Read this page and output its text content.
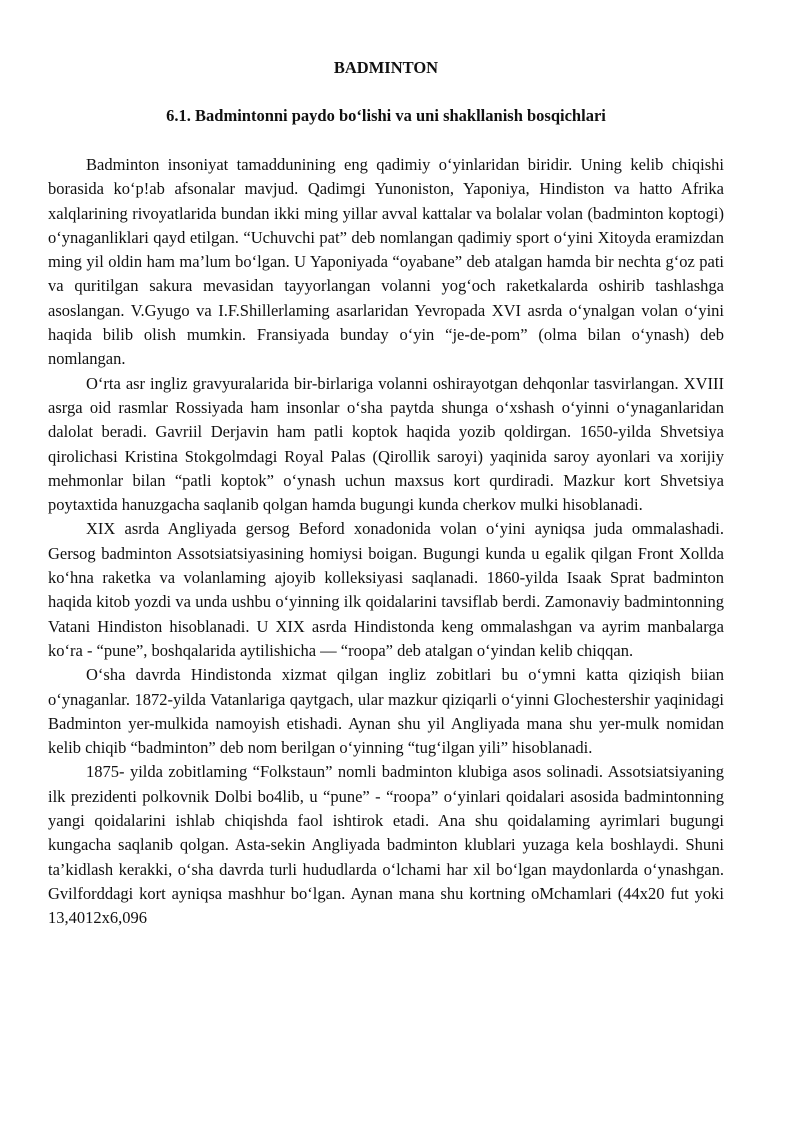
BADMINTON
6.1. Badmintonni paydo bo‘lishi va uni shakllanish bosqichlari

Badminton insoniyat tamaddunining eng qadimiy o‘yinlaridan biridir. Uning kelib chiqishi borasida ko‘p!ab afsonalar mavjud. Qadimgi Yunoniston, Yaponiya, Hindiston va hatto Afrika xalqlarining rivoyatlarida bundan ikki ming yillar avval kattalar va bolalar volan (badminton koptogi) o‘ynaganliklari qayd etilgan. “Uchuvchi pat” deb nomlangan qadimiy sport o‘yini Xitoyda eramizdan ming yil oldin ham ma’lum bo‘lgan. U Yaponiyada “oyabane” deb atalgan hamda bir nechta g‘oz pati va quritilgan sakura mevasidan tayyorlangan volanni yog‘och raketkalarda oshirib tashlashga asoslangan. V.Gyugo va I.F.Shillerlaming asarlaridan Yevropada XVI asrda o‘ynalgan volan o‘yini haqida bilib olish mumkin. Fransiyada bunday o‘yin “je-de-pom” (olma bilan o‘ynash) deb nomlangan.

O‘rta asr ingliz gravyuralarida bir-birlariga volanni oshirayotgan dehqonlar tasvirlangan. XVIII asrga oid rasmlar Rossiyada ham insonlar o‘sha paytda shunga o‘xshash o‘yinni o‘ynaganlaridan dalolat beradi. Gavriil Derjavin ham patli koptok haqida yozib qoldirgan. 1650-yilda Shvetsiya qirolichasi Kristina Stokgolmdagi Royal Palas (Qirollik saroyi) yaqinida saroy ayonlari va xorijiy mehmonlar bilan “patli koptok” o‘ynash uchun maxsus kort qurdiradi. Mazkur kort Shvetsiya poytaxtida hanuzgacha saqlanib qolgan hamda bugungi kunda cherkov mulki hisoblanadi.

XIX asrda Angliyada gersog Beford xonadonida volan o‘yini ayniqsa juda ommalashadi. Gersog badminton Assotsiatsiyasining homiysi boigan. Bugungi kunda u egalik qilgan Front Xollda ko‘hna raketka va volanlaming ajoyib kolleksiyasi saqlanadi. 1860-yilda Isaak Sprat badminton haqida kitob yozdi va unda ushbu o‘yinning ilk qoidalarini tavsiflab berdi. Zamonaviy badmintonning Vatani Hindiston hisoblanadi. U XIX asrda Hindistonda keng ommalashgan va ayrim manbalarga ko‘ra - “pune”, boshqalarida aytilishicha — “roopa” deb atalgan o‘yindan kelib chiqqan.

O‘sha davrda Hindistonda xizmat qilgan ingliz zobitlari bu o‘ymni katta qiziqish biian o‘ynaganlar. 1872-yilda Vatanlariga qaytgach, ular mazkur qiziqarli o‘yinni Glochestershir yaqinidagi Badminton yer-mulkida namoyish etishadi. Aynan shu yil Angliyada mana shu yer-mulk nomidan kelib chiqib “badminton” deb nom berilgan o‘yinning “tug‘ilgan yili” hisoblanadi.

1875- yilda zobitlaming “Folkstaun” nomli badminton klubiga asos solinadi. Assotsiatsiyaning ilk prezidenti polkovnik Dolbi bo4lib, u “pune” - “roopa” o‘yinlari qoidalari asosida badmintonning yangi qoidalarini ishlab chiqishda faol ishtirok etadi. Ana shu qoidalaming ayrimlari bugungi kungacha saqlanib qolgan. Asta-sekin Angliyada badminton klublari yuzaga kela boshlaydi. Shuni ta’kidlash kerakki, o‘sha davrda turli hududlarda o‘lchami har xil bo‘lgan maydonlarda o‘ynashgan. Gvilforddagi kort ayniqsa mashhur bo‘lgan. Aynan mana shu kortning oMchamlari (44x20 fut yoki 13,4012x6,096
